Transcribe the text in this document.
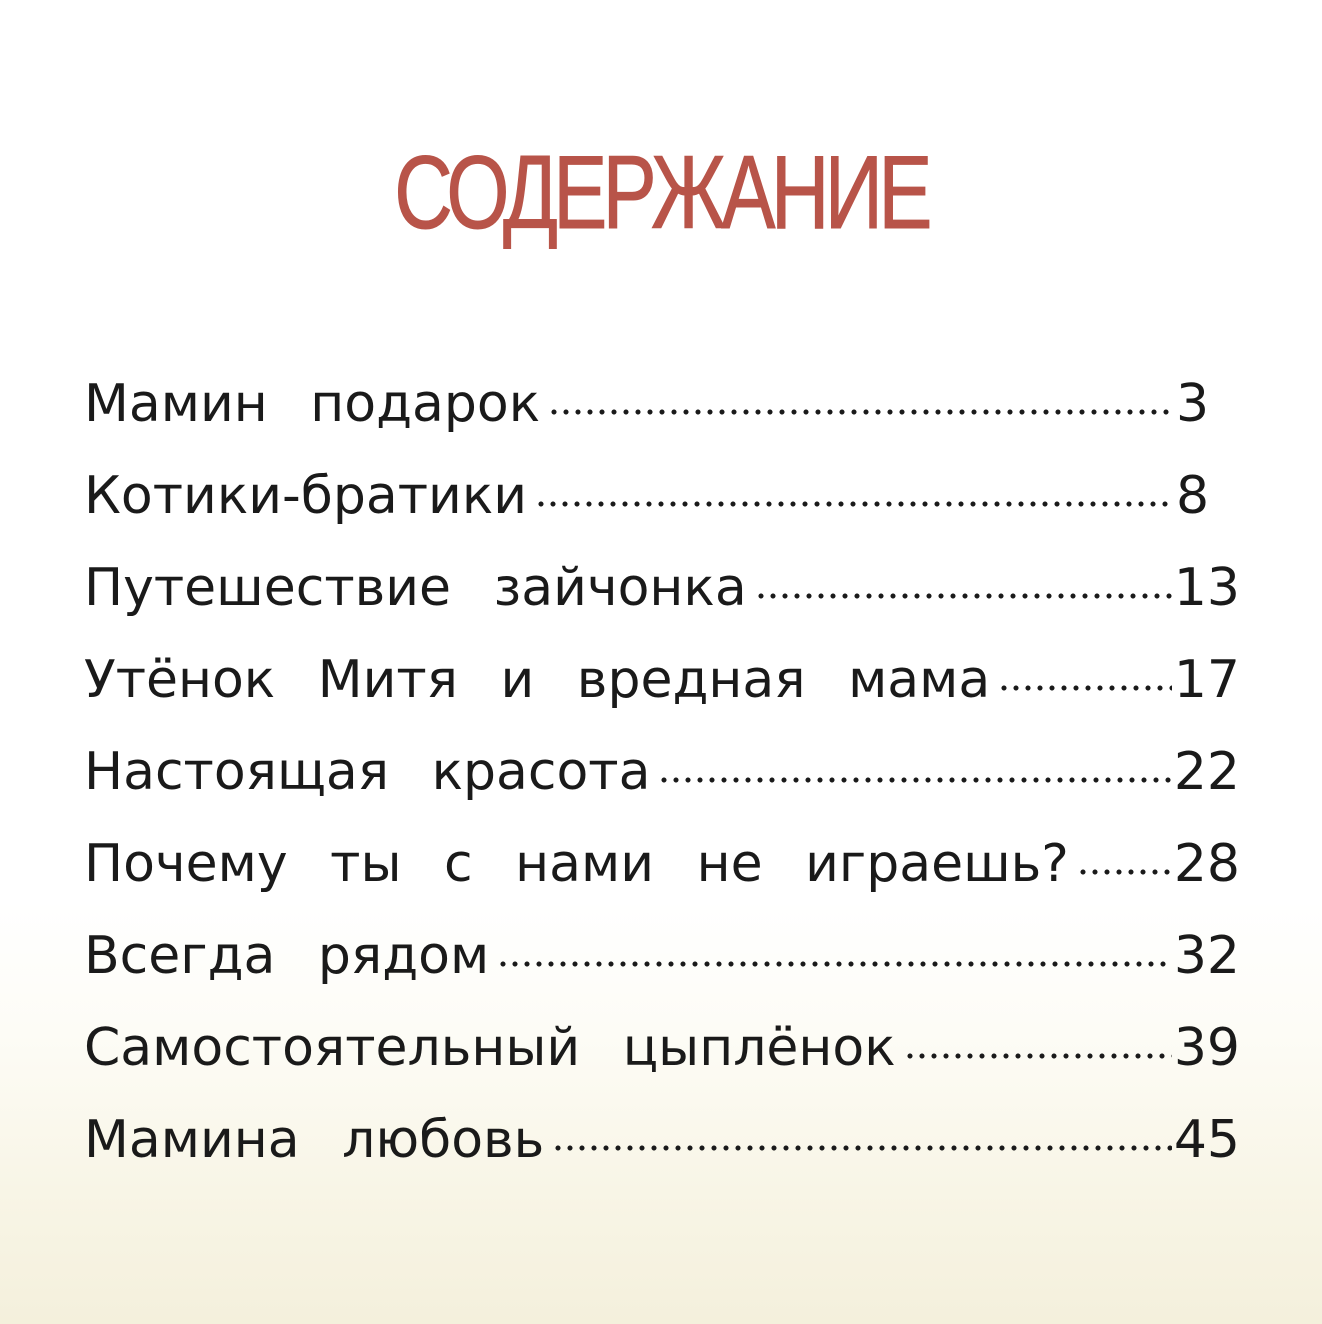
СОДЕРЖАНИЕ
Мамин подарок	3
Котики-братики	8
Путешествие зайчонка	13
Утёнок Митя и вредная мама	17
Настоящая красота	22
Почему ты с нами не играешь? 28
Всегда рядом	32
Самостоятельный цыплёнок	39
Мамина любовь	45
